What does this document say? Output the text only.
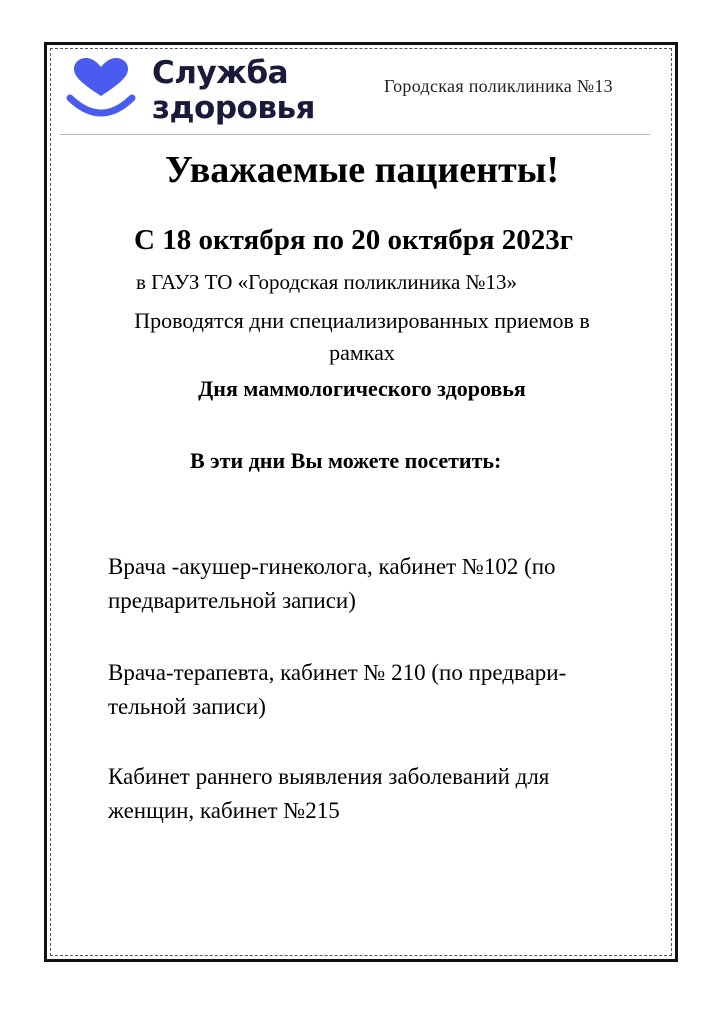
Служба
здоровья
Городская поликлиника №13
Уважаемые пациенты!
С 18 октября по 20 октября 2023г
в ГАУЗ ТО «Городская поликлиника №13»
Проводятся дни специализированных приемов в
рамках
Дня маммологического здоровья
В эти дни Вы можете посетить:
Врача -акушер-гинеколога, кабинет №102 (по
предварительной записи)
Врача-терапевта, кабинет № 210 (по предвари-
тельной записи)
Кабинет раннего выявления заболеваний для
женщин, кабинет №215
